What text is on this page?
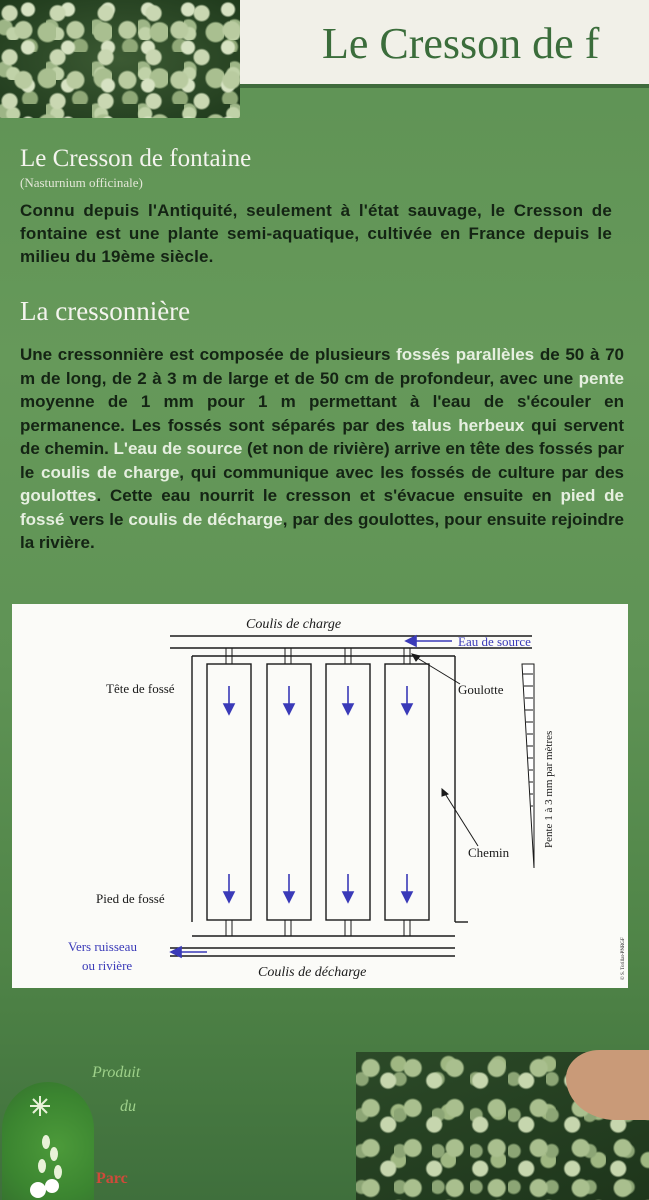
Le Cresson de f
Le Cresson de fontaine
(Nasturnium officinale)
Connu depuis l'Antiquité, seulement à l'état sauvage, le Cresson de fontaine est une plante semi-aquatique, cultivée en France depuis le milieu du 19ème siècle.
La cressonnière
Une cressonnière est composée de plusieurs fossés parallèles de 50 à 70 m de long, de 2 à 3 m de large et de 50 cm de profondeur, avec une pente moyenne de 1 mm pour 1 m permettant à l'eau de s'écouler en permanence. Les fossés sont séparés par des talus herbeux qui servent de chemin. L'eau de source (et non de rivière) arrive en tête des fossés par le coulis de charge, qui communique avec les fossés de culture par des goulottes. Cette eau nourrit le cresson et s'évacue ensuite en pied de fossé vers le coulis de décharge, par des goulottes, pour ensuite rejoindre la rivière.
Coulis de charge
Eau de source
Tête de fossé	Goulotte
Chemin
Pied de fossé
Vers ruisseau
ou rivière	Coulis de décharge
Pente 1 à 3 mm par mètres
© S. Torillat-PNRGF
Produit
du
Parc
